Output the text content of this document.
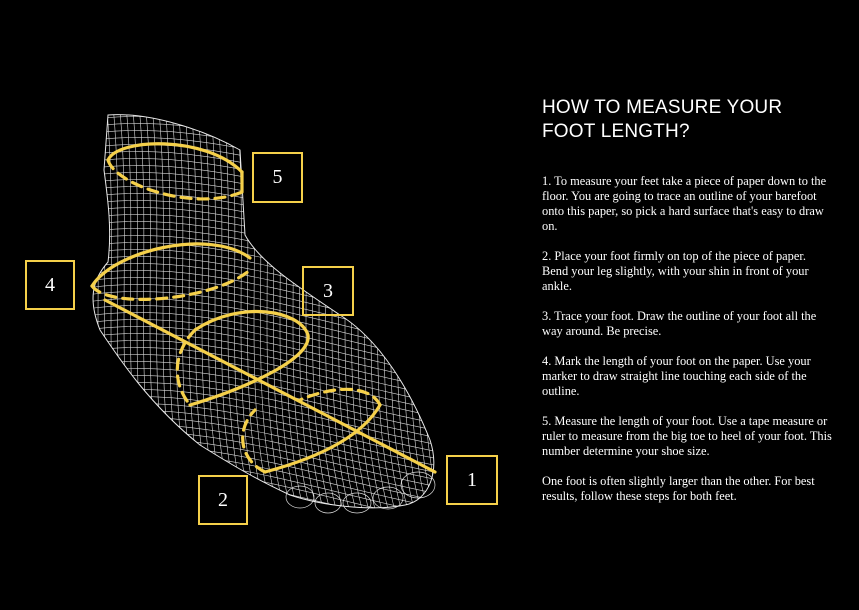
5
4	3
2
1
HOW TO MEASURE YOUR
FOOT LENGTH?

1. To measure your feet take a piece of paper down to the floor. You are going to trace an outline of your barefoot onto this paper, so pick a hard surface that's easy to draw on.

2. Place your foot firmly on top of the piece of paper. Bend your leg slightly, with your shin in front of your ankle.

3. Trace your foot. Draw the outline of your foot all the way around. Be precise.

4. Mark the length of your foot on the paper. Use your marker to draw straight line touching each side of the outline.

5. Measure the length of your foot. Use a tape measure or ruler to measure from the big toe to heel of your foot. This number determine your shoe size.

One foot is often slightly larger than the other. For best results, follow these steps for both feet.
